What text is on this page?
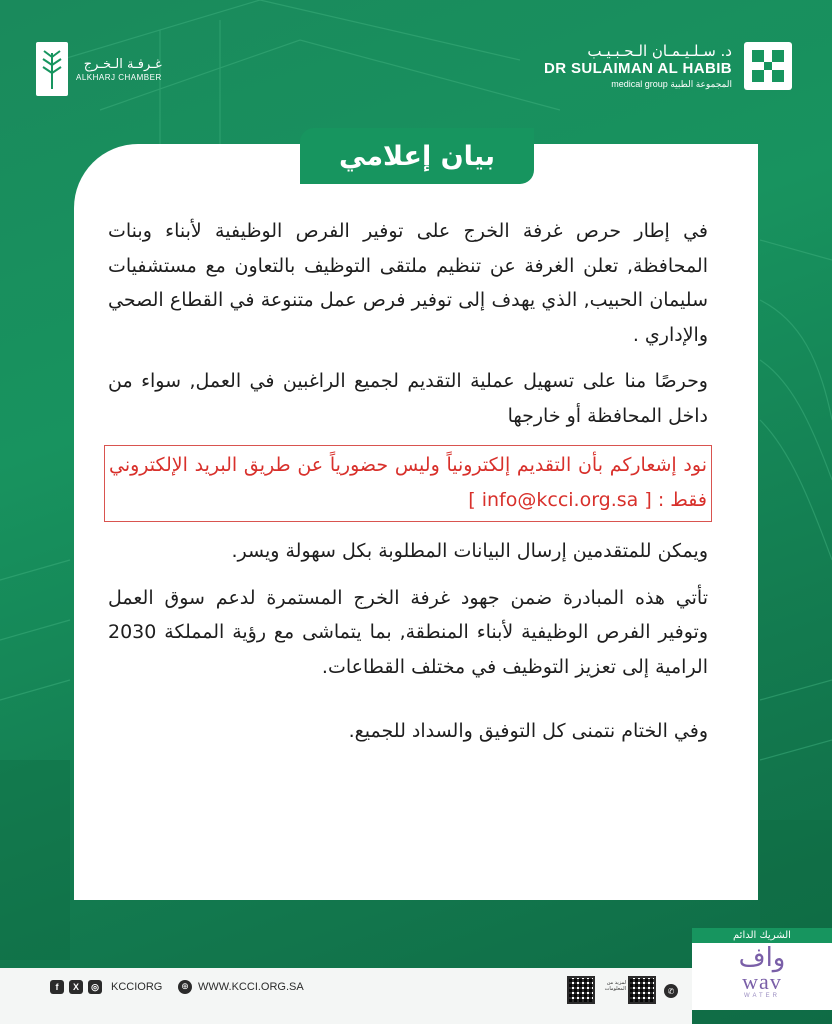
غـرفـة الـخـرج
ALKHARJ CHAMBER
د. سـلـيـمـان الـحـبـيـب
DR SULAIMAN AL HABIB
medical group المجموعة الطبية
بيان إعلامي

في إطار حرص غرفة الخرج على توفير الفرص الوظيفية لأبناء وبنات المحافظة, تعلن الغرفة عن تنظيم ملتقى التوظيف بالتعاون مع مستشفيات سليمان الحبيب, الذي يهدف إلى توفير فرص عمل متنوعة في القطاع الصحي والإداري .

وحرصًا منا على تسهيل عملية التقديم لجميع الراغبين في العمل, سواء من داخل المحافظة أو خارجها

نود إشعاركم بأن التقديم إلكترونياً وليس حضورياً عن طريق البريد الإلكتروني فقط : [ info@kcci.org.sa ]

ويمكن للمتقدمين إرسال البيانات المطلوبة بكل سهولة ويسر.

تأتي هذه المبادرة ضمن جهود غرفة الخرج المستمرة لدعم سوق العمل وتوفير الفرص الوظيفية لأبناء المنطقة, بما يتماشى مع رؤية المملكة 2030 الرامية إلى تعزيز التوظيف في مختلف القطاعات.

وفي الختام نتمنى كل التوفيق والسداد للجميع.

الشريك الدائم
واف
wav
WATER
f	X	◎ KCCIORG	⊕ WWW.KCCI.ORG.SA	لمزيد من المعلومات	✆
